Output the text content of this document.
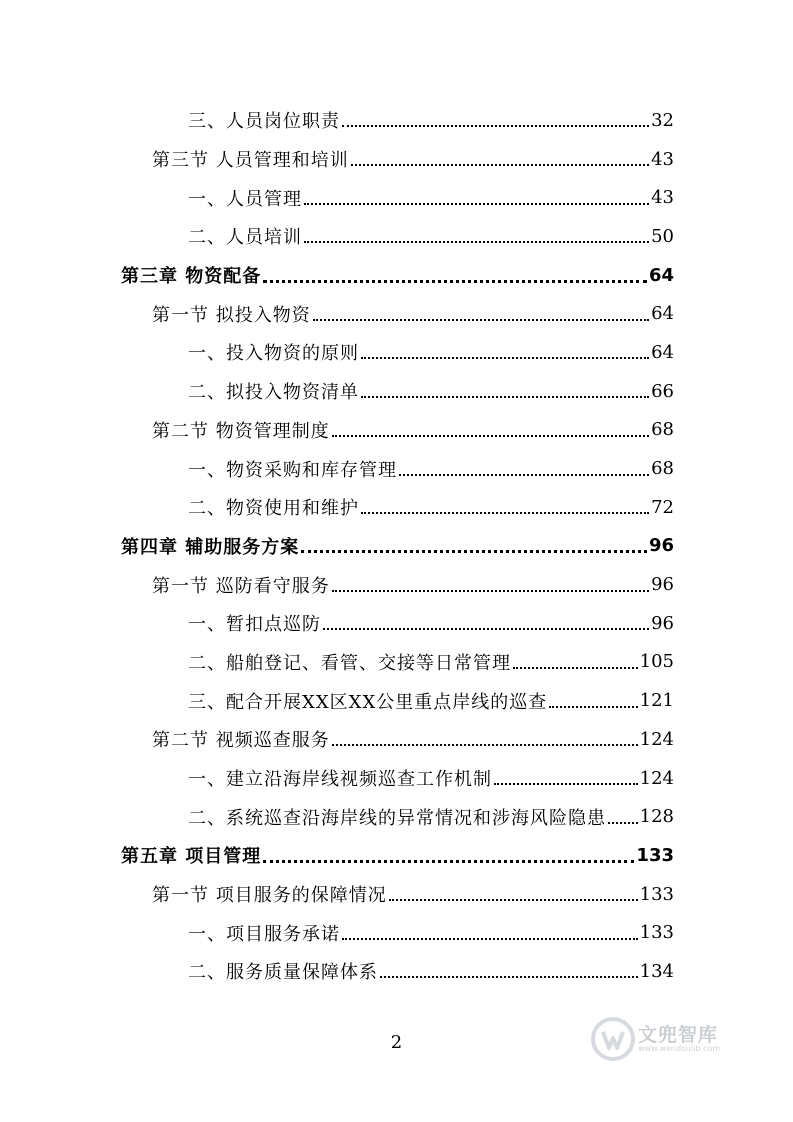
三、人员岗位职责	32
第三节 人员管理和培训	43
一、人员管理	43
二、人员培训	50
第三章 物资配备	64
第一节 拟投入物资	64
一、投入物资的原则	64
二、拟投入物资清单	66
第二节 物资管理制度	68
一、物资采购和库存管理	68
二、物资使用和维护	72
第四章 辅助服务方案	96
第一节 巡防看守服务	96
一、暂扣点巡防	96
二、船舶登记、看管、交接等日常管理	105
三、配合开展XX区XX公里重点岸线的巡查	121
第二节 视频巡查服务	124
一、建立沿海岸线视频巡查工作机制	124
二、系统巡查沿海岸线的异常情况和涉海风险隐患 128
第五章 项目管理	133
第一节 项目服务的保障情况	133
一、项目服务承诺	133
二、服务质量保障体系	134
2	文兜智库
www.wendoulib.com
